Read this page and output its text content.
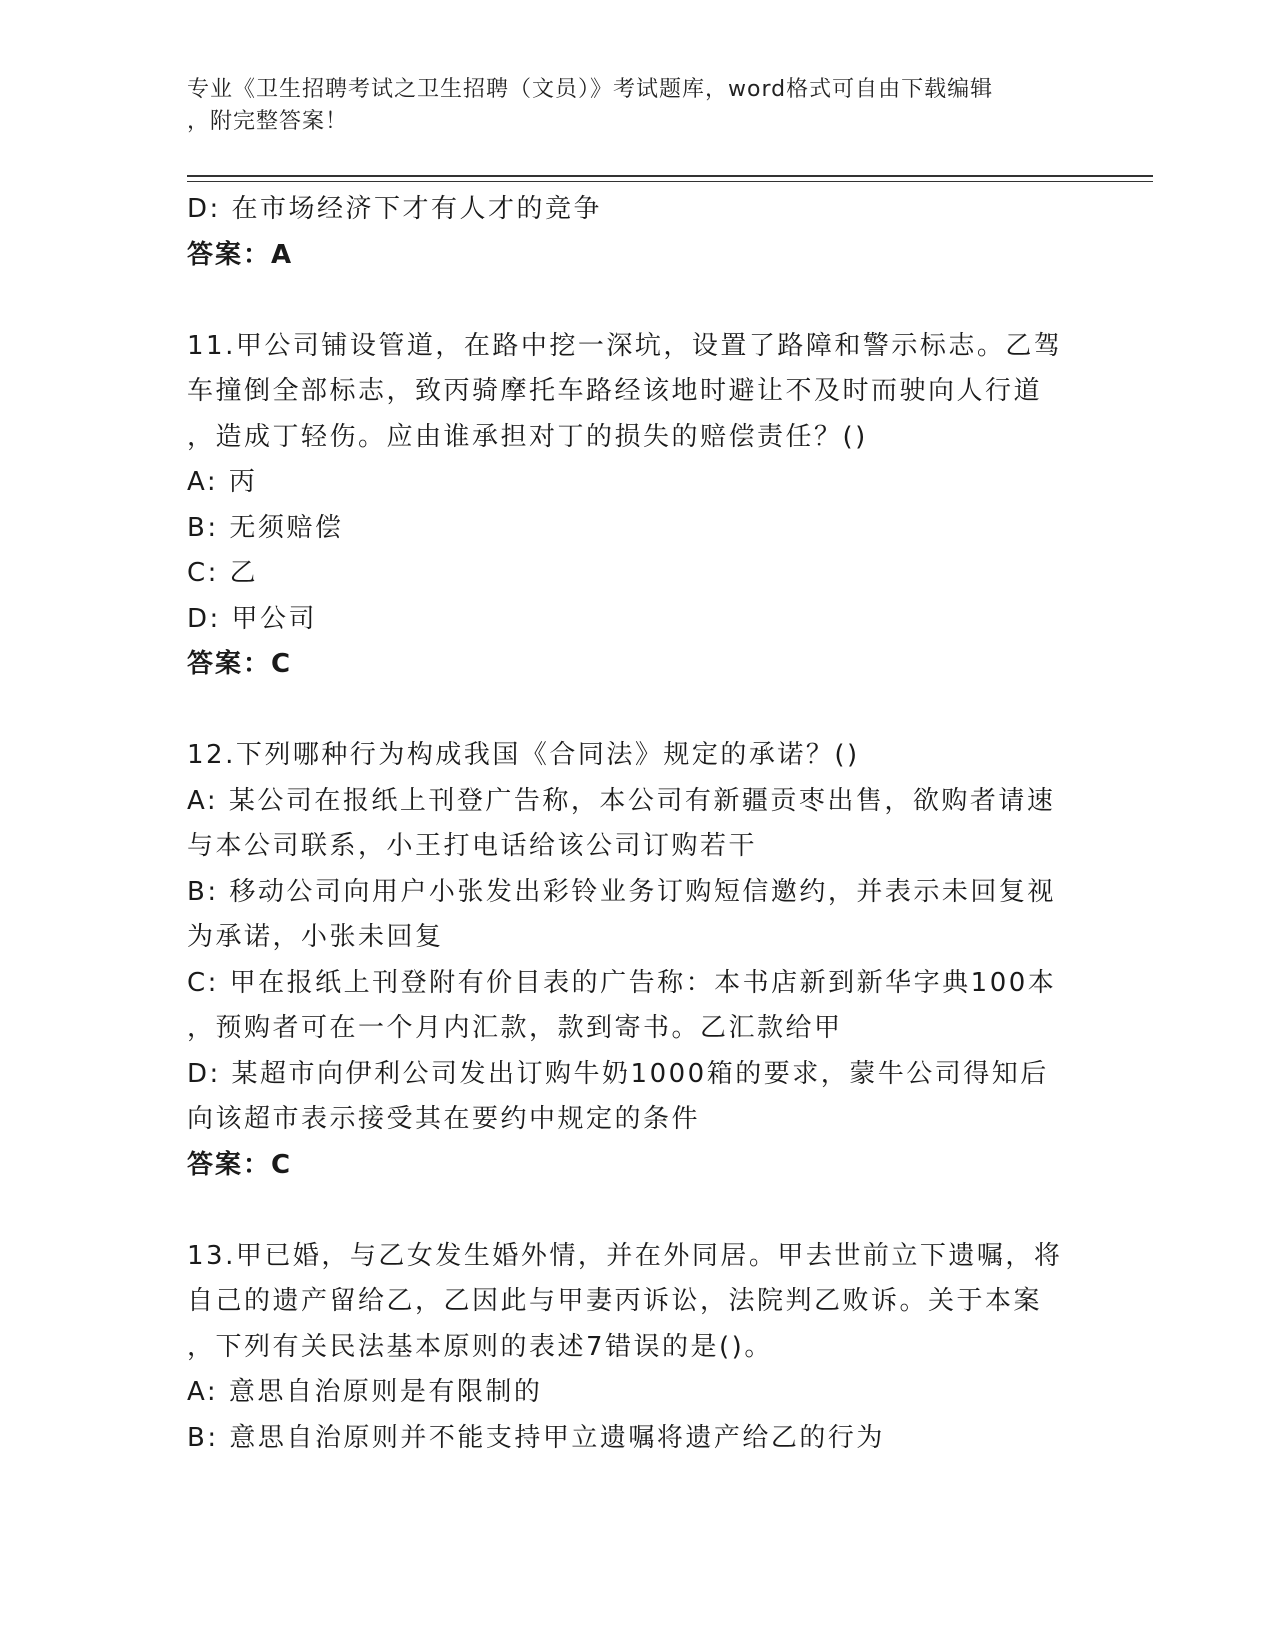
专业《卫生招聘考试之卫生招聘（文员）》考试题库，word格式可自由下载编辑
，附完整答案！
D: 在市场经济下才有人才的竞争
答案：A
11.甲公司铺设管道，在路中挖一深坑，设置了路障和警示标志。乙驾
车撞倒全部标志，致丙骑摩托车路经该地时避让不及时而驶向人行道
，造成丁轻伤。应由谁承担对丁的损失的赔偿责任？()
A: 丙
B: 无须赔偿
C: 乙
D: 甲公司
答案：C
12.下列哪种行为构成我国《合同法》规定的承诺？()
A: 某公司在报纸上刊登广告称，本公司有新疆贡枣出售，欲购者请速
与本公司联系，小王打电话给该公司订购若干
B: 移动公司向用户小张发出彩铃业务订购短信邀约，并表示未回复视
为承诺，小张未回复
C: 甲在报纸上刊登附有价目表的广告称：本书店新到新华字典100本
，预购者可在一个月内汇款，款到寄书。乙汇款给甲
D: 某超市向伊利公司发出订购牛奶1000箱的要求，蒙牛公司得知后
向该超市表示接受其在要约中规定的条件
答案：C
13.甲已婚，与乙女发生婚外情，并在外同居。甲去世前立下遗嘱，将
自己的遗产留给乙，乙因此与甲妻丙诉讼，法院判乙败诉。关于本案
，下列有关民法基本原则的表述7错误的是()。
A: 意思自治原则是有限制的
B: 意思自治原则并不能支持甲立遗嘱将遗产给乙的行为
